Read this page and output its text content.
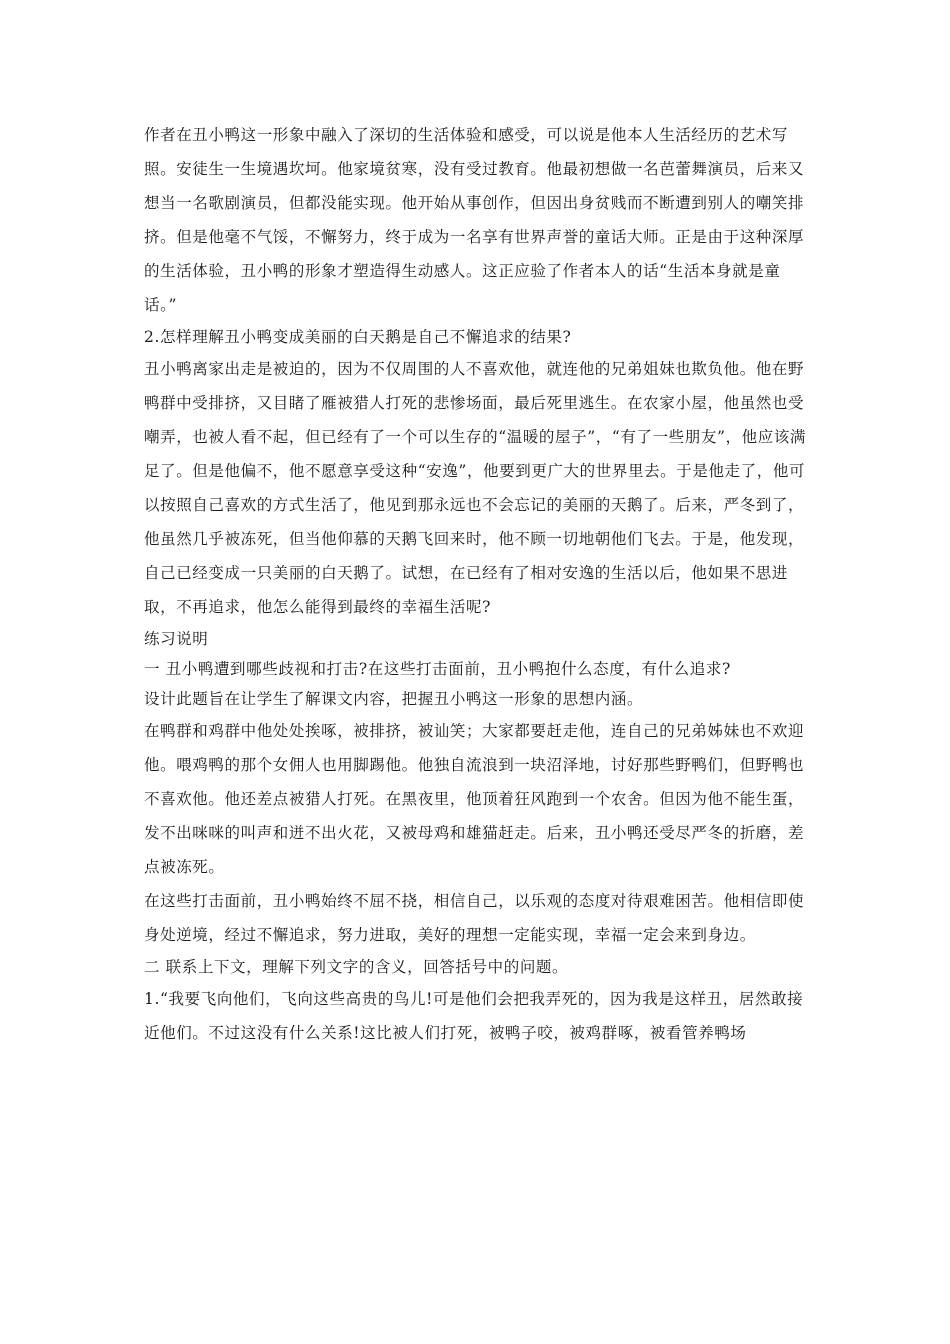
作者在丑小鸭这一形象中融入了深切的生活体验和感受，可以说是他本人生活经历的艺术写照。安徒生一生境遇坎坷。他家境贫寒，没有受过教育。他最初想做一名芭蕾舞演员，后来又想当一名歌剧演员，但都没能实现。他开始从事创作，但因出身贫贱而不断遭到别人的嘲笑排挤。但是他毫不气馁，不懈努力，终于成为一名享有世界声誉的童话大师。正是由于这种深厚的生活体验，丑小鸭的形象才塑造得生动感人。这正应验了作者本人的话“生活本身就是童话。”

2.怎样理解丑小鸭变成美丽的白天鹅是自己不懈追求的结果?

丑小鸭离家出走是被迫的，因为不仅周围的人不喜欢他，就连他的兄弟姐妹也欺负他。他在野鸭群中受排挤，又目睹了雁被猎人打死的悲惨场面，最后死里逃生。在农家小屋，他虽然也受嘲弄，也被人看不起，但已经有了一个可以生存的“温暖的屋子”，“有了一些朋友”，他应该满足了。但是他偏不，他不愿意享受这种“安逸”，他要到更广大的世界里去。于是他走了，他可以按照自己喜欢的方式生活了，他见到那永远也不会忘记的美丽的天鹅了。后来，严冬到了，他虽然几乎被冻死，但当他仰慕的天鹅飞回来时，他不顾一切地朝他们飞去。于是，他发现，自己已经变成一只美丽的白天鹅了。试想，在已经有了相对安逸的生活以后，他如果不思进取，不再追求，他怎么能得到最终的幸福生活呢?

练习说明

一 丑小鸭遭到哪些歧视和打击?在这些打击面前，丑小鸭抱什么态度，有什么追求?

设计此题旨在让学生了解课文内容，把握丑小鸭这一形象的思想内涵。

在鸭群和鸡群中他处处挨啄，被排挤，被讪笑；大家都要赶走他，连自己的兄弟姊妹也不欢迎他。喂鸡鸭的那个女佣人也用脚踢他。他独自流浪到一块沼泽地，讨好那些野鸭们，但野鸭也不喜欢他。他还差点被猎人打死。在黑夜里，他顶着狂风跑到一个农舍。但因为他不能生蛋，发不出咪咪的叫声和迸不出火花，又被母鸡和雄猫赶走。后来，丑小鸭还受尽严冬的折磨，差点被冻死。

在这些打击面前，丑小鸭始终不屈不挠，相信自己，以乐观的态度对待艰难困苦。他相信即使身处逆境，经过不懈追求，努力进取，美好的理想一定能实现，幸福一定会来到身边。

二 联系上下文，理解下列文字的含义，回答括号中的问题。

1.“我要飞向他们，飞向这些高贵的鸟儿!可是他们会把我弄死的，因为我是这样丑，居然敢接近他们。不过这没有什么关系!这比被人们打死，被鸭子咬，被鸡群啄，被看管养鸭场
